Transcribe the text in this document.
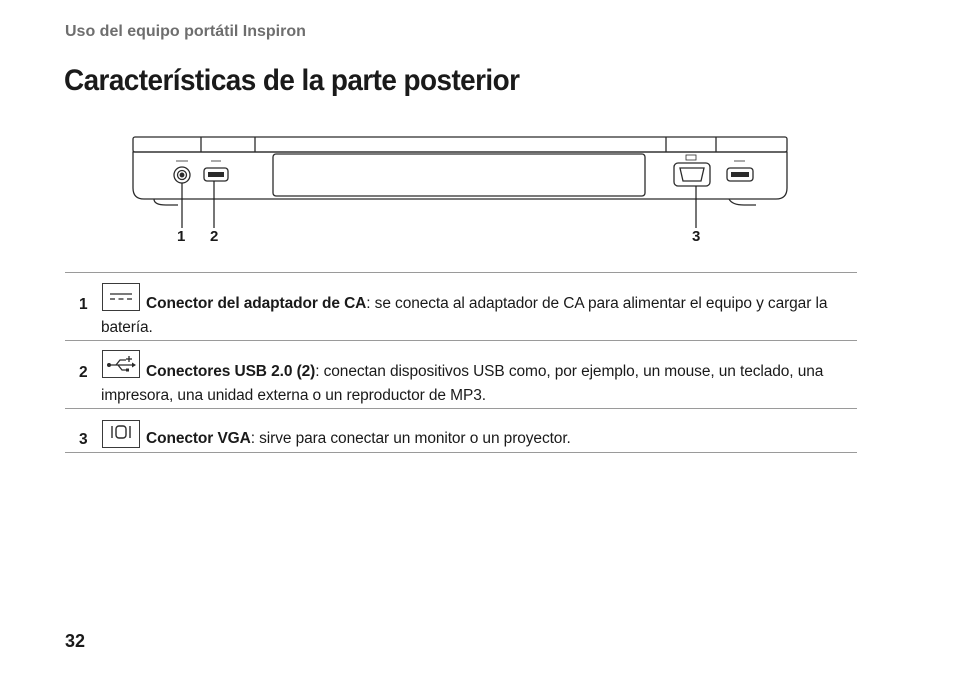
Uso del equipo portátil Inspiron
Características de la parte posterior
1 2	3
1	Conector del adaptador de CA: se conecta al adaptador de CA para alimentar el equipo y cargar la batería.
2	Conectores USB 2.0 (2): conectan dispositivos USB como, por ejemplo, un mouse, un teclado, una impresora, una unidad externa o un reproductor de MP3.
3	Conector VGA: sirve para conectar un monitor o un proyector.
32
